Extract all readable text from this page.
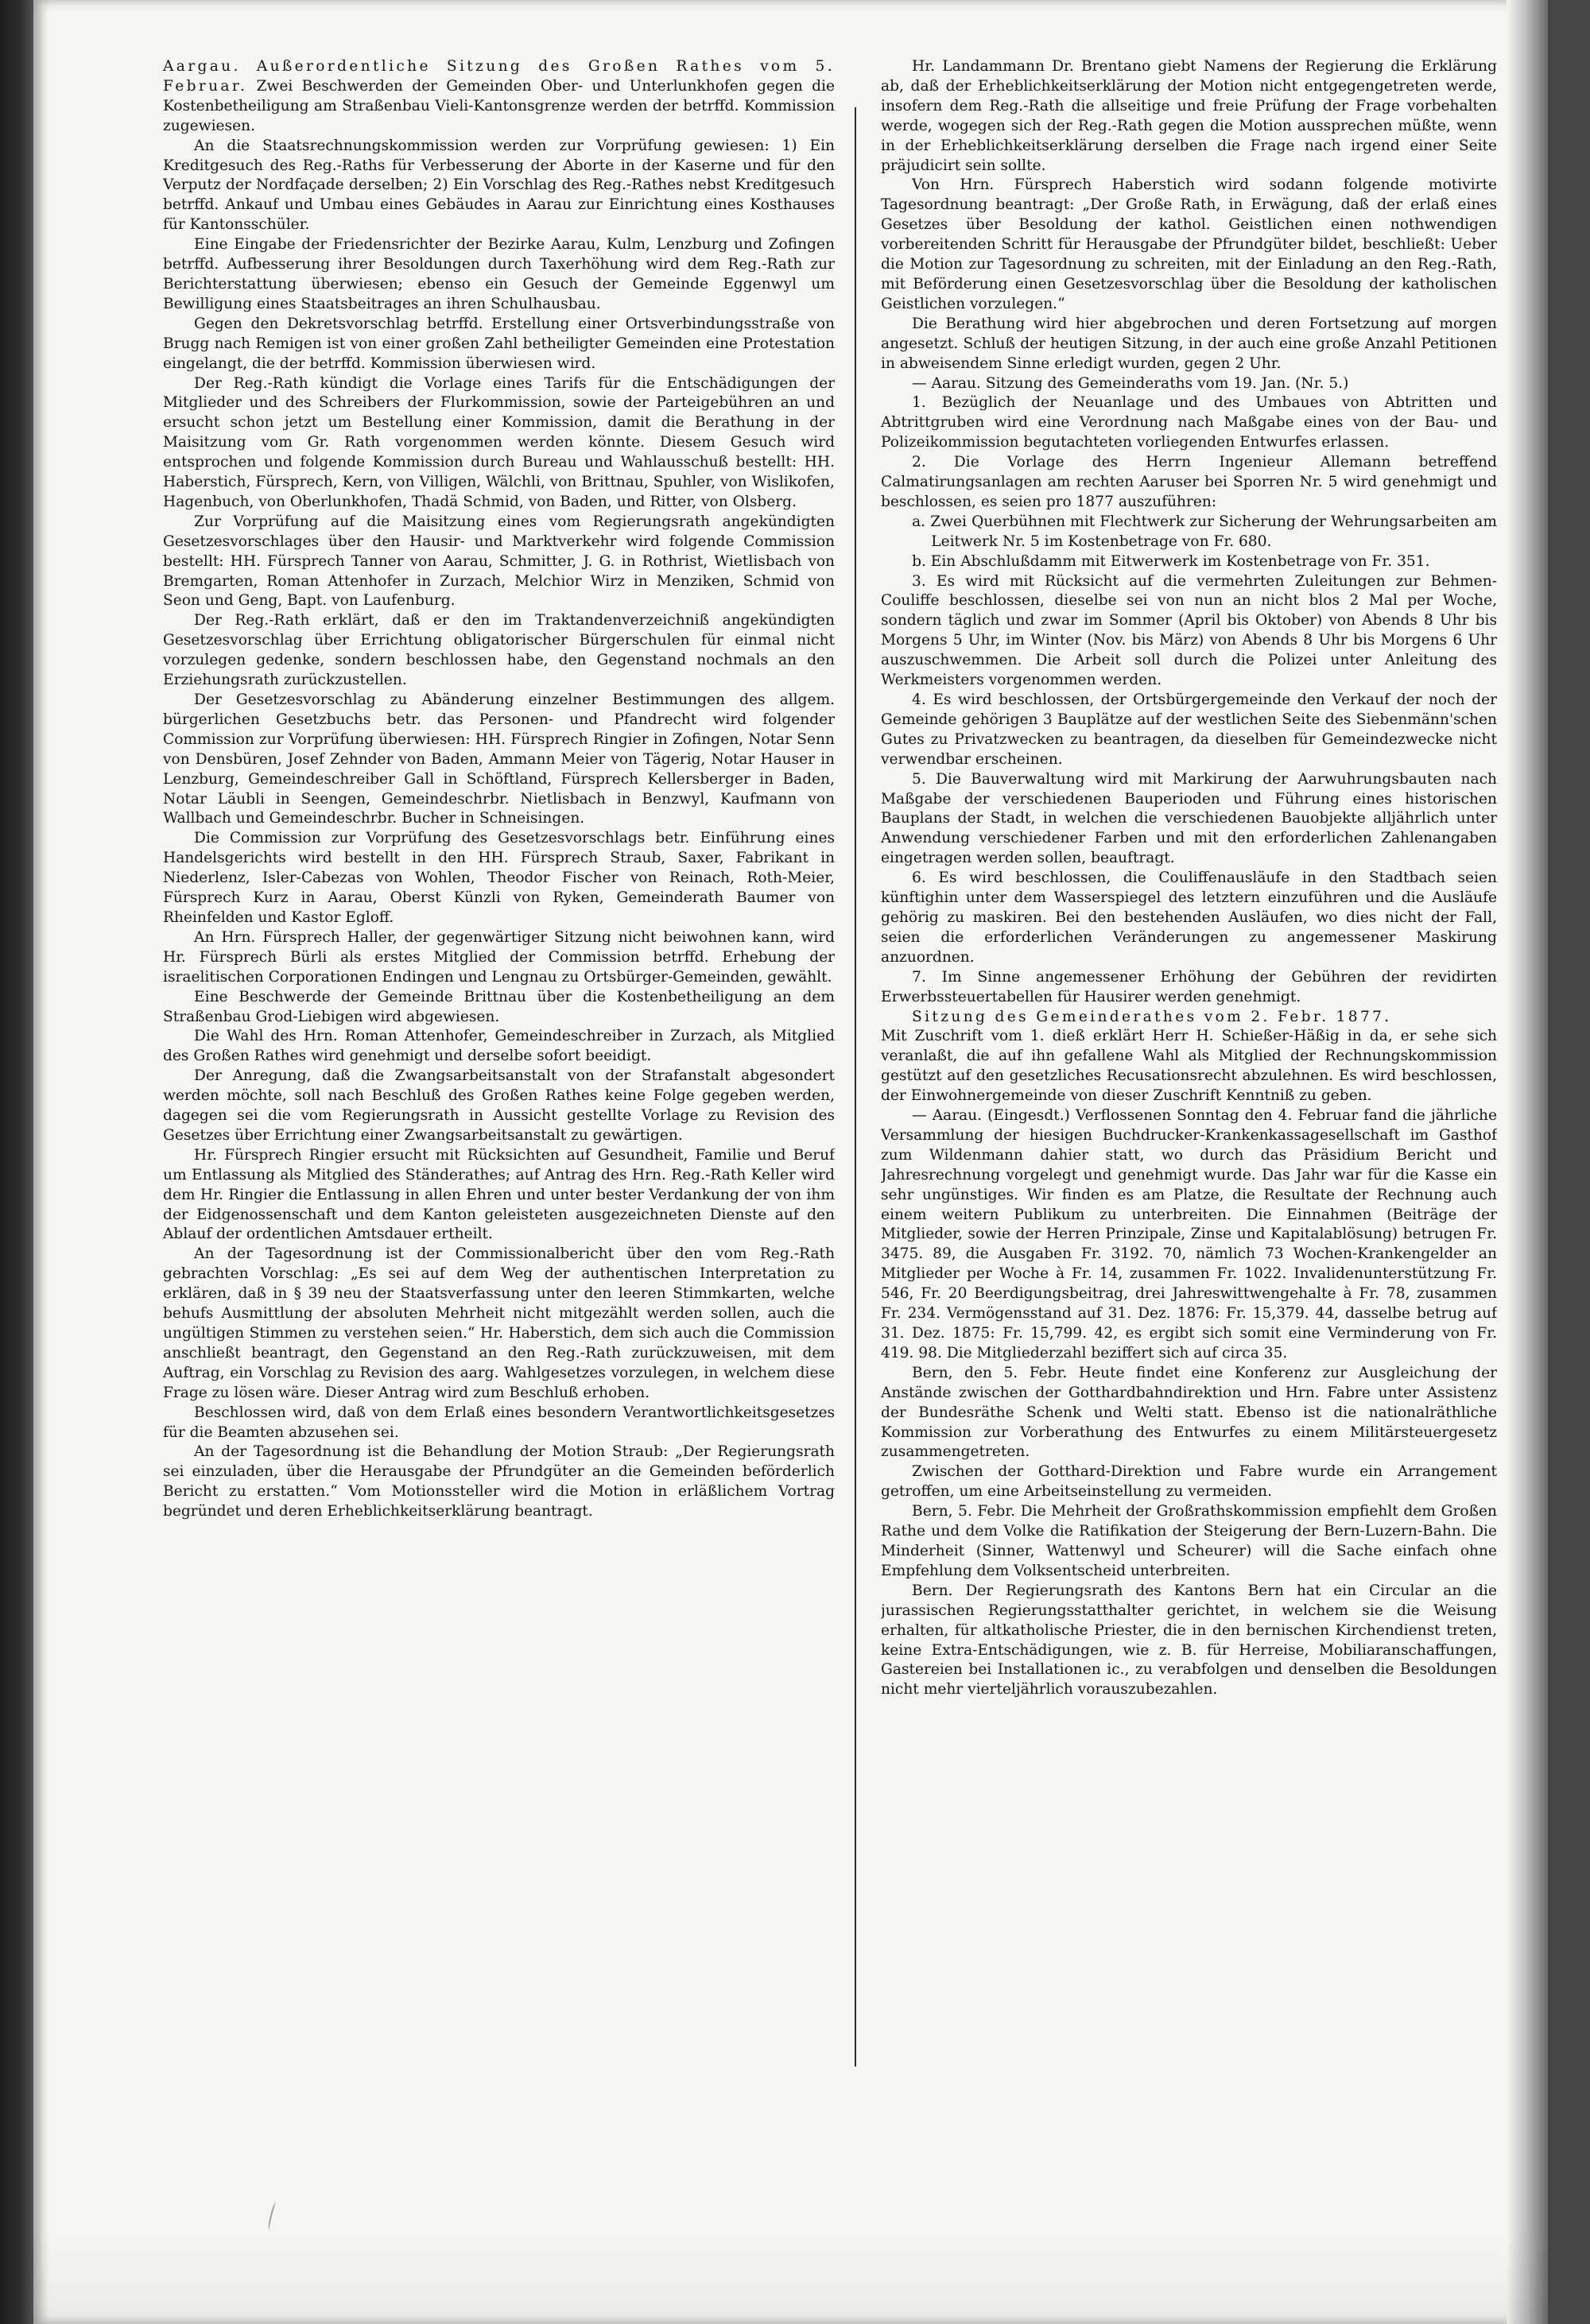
Aargau. Außerordentliche Sitzung des Großen Rathes vom 5. Februar. Zwei Beschwerden der Gemeinden Ober- und Unterlunkhofen gegen die Kostenbetheiligung am Straßenbau Vieli-Kantonsgrenze werden der betrffd. Kommission zugewiesen.

An die Staatsrechnungskommission werden zur Vorprüfung gewiesen: 1) Ein Kreditgesuch des Reg.-Raths für Verbesserung der Aborte in der Kaserne und für den Verputz der Nordfaçade derselben; 2) Ein Vorschlag des Reg.-Rathes nebst Kreditgesuch betrffd. Ankauf und Umbau eines Gebäudes in Aarau zur Einrichtung eines Kosthauses für Kantonsschüler.

Eine Eingabe der Friedensrichter der Bezirke Aarau, Kulm, Lenzburg und Zofingen betrffd. Aufbesserung ihrer Besoldungen durch Taxerhöhung wird dem Reg.-Rath zur Berichterstattung überwiesen; ebenso ein Gesuch der Gemeinde Eggenwyl um Bewilligung eines Staatsbeitrages an ihren Schulhausbau.

Gegen den Dekretsvorschlag betrffd. Erstellung einer Ortsverbindungsstraße von Brugg nach Remigen ist von einer großen Zahl betheiligter Gemeinden eine Protestation eingelangt, die der betrffd. Kommission überwiesen wird.

Der Reg.-Rath kündigt die Vorlage eines Tarifs für die Entschädigungen der Mitglieder und des Schreibers der Flurkommission, sowie der Parteigebühren an und ersucht schon jetzt um Bestellung einer Kommission, damit die Berathung in der Maisitzung vom Gr. Rath vorgenommen werden könnte. Diesem Gesuch wird entsprochen und folgende Kommission durch Bureau und Wahlausschuß bestellt: HH. Haberstich, Fürsprech, Kern, von Villigen, Wälchli, von Brittnau, Spuhler, von Wislikofen, Hagenbuch, von Oberlunkhofen, Thadä Schmid, von Baden, und Ritter, von Olsberg.

Zur Vorprüfung auf die Maisitzung eines vom Regierungsrath angekündigten Gesetzesvorschlages über den Hausir- und Marktverkehr wird folgende Commission bestellt: HH. Fürsprech Tanner von Aarau, Schmitter, J. G. in Rothrist, Wietlisbach von Bremgarten, Roman Attenhofer in Zurzach, Melchior Wirz in Menziken, Schmid von Seon und Geng, Bapt. von Laufenburg.

Der Reg.-Rath erklärt, daß er den im Traktandenverzeichniß angekündigten Gesetzesvorschlag über Errichtung obligatorischer Bürgerschulen für einmal nicht vorzulegen gedenke, sondern beschlossen habe, den Gegenstand nochmals an den Erziehungsrath zurückzustellen.

Der Gesetzesvorschlag zu Abänderung einzelner Bestimmungen des allgem. bürgerlichen Gesetzbuchs betr. das Personen- und Pfandrecht wird folgender Commission zur Vorprüfung überwiesen: HH. Fürsprech Ringier in Zofingen, Notar Senn von Densbüren, Josef Zehnder von Baden, Ammann Meier von Tägerig, Notar Hauser in Lenzburg, Gemeindeschreiber Gall in Schöftland, Fürsprech Kellersberger in Baden, Notar Läubli in Seengen, Gemeindeschrbr. Nietlisbach in Benzwyl, Kaufmann von Wallbach und Gemeindeschrbr. Bucher in Schneisingen.

Die Commission zur Vorprüfung des Gesetzesvorschlags betr. Einführung eines Handelsgerichts wird bestellt in den HH. Fürsprech Straub, Saxer, Fabrikant in Niederlenz, Isler-Cabezas von Wohlen, Theodor Fischer von Reinach, Roth-Meier, Fürsprech Kurz in Aarau, Oberst Künzli von Ryken, Gemeinderath Baumer von Rheinfelden und Kastor Egloff.

An Hrn. Fürsprech Haller, der gegenwärtiger Sitzung nicht beiwohnen kann, wird Hr. Fürsprech Bürli als erstes Mitglied der Commission betrffd. Erhebung der israelitischen Corporationen Endingen und Lengnau zu Ortsbürger-Gemeinden, gewählt.

Eine Beschwerde der Gemeinde Brittnau über die Kostenbetheiligung an dem Straßenbau Grod-Liebigen wird abgewiesen.

Die Wahl des Hrn. Roman Attenhofer, Gemeindeschreiber in Zurzach, als Mitglied des Großen Rathes wird genehmigt und derselbe sofort beeidigt.

Der Anregung, daß die Zwangsarbeitsanstalt von der Strafanstalt abgesondert werden möchte, soll nach Beschluß des Großen Rathes keine Folge gegeben werden, dagegen sei die vom Regierungsrath in Aussicht gestellte Vorlage zu Revision des Gesetzes über Errichtung einer Zwangsarbeitsanstalt zu gewärtigen.

Hr. Fürsprech Ringier ersucht mit Rücksichten auf Gesundheit, Familie und Beruf um Entlassung als Mitglied des Ständerathes; auf Antrag des Hrn. Reg.-Rath Keller wird dem Hr. Ringier die Entlassung in allen Ehren und unter bester Verdankung der von ihm der Eidgenossenschaft und dem Kanton geleisteten ausgezeichneten Dienste auf den Ablauf der ordentlichen Amtsdauer ertheilt.

An der Tagesordnung ist der Commissionalbericht über den vom Reg.-Rath gebrachten Vorschlag: „Es sei auf dem Weg der authentischen Interpretation zu erklären, daß in § 39 neu der Staatsverfassung unter den leeren Stimmkarten, welche behufs Ausmittlung der absoluten Mehrheit nicht mitgezählt werden sollen, auch die ungültigen Stimmen zu verstehen seien.“ Hr. Haberstich, dem sich auch die Commission anschließt beantragt, den Gegenstand an den Reg.-Rath zurückzuweisen, mit dem Auftrag, ein Vorschlag zu Revision des aarg. Wahlgesetzes vorzulegen, in welchem diese Frage zu lösen wäre. Dieser Antrag wird zum Beschluß erhoben.

Beschlossen wird, daß von dem Erlaß eines besondern Verantwortlichkeitsgesetzes für die Beamten abzusehen sei.

An der Tagesordnung ist die Behandlung der Motion Straub: „Der Regierungsrath sei einzuladen, über die Herausgabe der Pfrundgüter an die Gemeinden beförderlich Bericht zu erstatten.“ Vom Motionssteller wird die Motion in erläßlichem Vortrag begründet und deren Erheblichkeitserklärung beantragt.

Hr. Landammann Dr. Brentano giebt Namens der Regierung die Erklärung ab, daß der Erheblichkeitserklärung der Motion nicht entgegengetreten werde, insofern dem Reg.-Rath die allseitige und freie Prüfung der Frage vorbehalten werde, wogegen sich der Reg.-Rath gegen die Motion aussprechen müßte, wenn in der Erheblichkeitserklärung derselben die Frage nach irgend einer Seite präjudicirt sein sollte.

Von Hrn. Fürsprech Haberstich wird sodann folgende motivirte Tagesordnung beantragt: „Der Große Rath, in Erwägung, daß der erlaß eines Gesetzes über Besoldung der kathol. Geistlichen einen nothwendigen vorbereitenden Schritt für Herausgabe der Pfrundgüter bildet, beschließt: Ueber die Motion zur Tagesordnung zu schreiten, mit der Einladung an den Reg.-Rath, mit Beförderung einen Gesetzesvorschlag über die Besoldung der katholischen Geistlichen vorzulegen.“

Die Berathung wird hier abgebrochen und deren Fortsetzung auf morgen angesetzt. Schluß der heutigen Sitzung, in der auch eine große Anzahl Petitionen in abweisendem Sinne erledigt wurden, gegen 2 Uhr.

— Aarau. Sitzung des Gemeinderaths vom 19. Jan. (Nr. 5.)

1. Bezüglich der Neuanlage und des Umbaues von Abtritten und Abtrittgruben wird eine Verordnung nach Maßgabe eines von der Bau- und Polizeikommission begutachteten vorliegenden Entwurfes erlassen.

2. Die Vorlage des Herrn Ingenieur Allemann betreffend Calmatirungsanlagen am rechten Aaruser bei Sporren Nr. 5 wird genehmigt und beschlossen, es seien pro 1877 auszuführen:

a. Zwei Querbühnen mit Flechtwerk zur Sicherung der Wehrungsarbeiten am Leitwerk Nr. 5 im Kostenbetrage von Fr. 680.

b. Ein Abschlußdamm mit Eitwerwerk im Kostenbetrage von Fr. 351.

3. Es wird mit Rücksicht auf die vermehrten Zuleitungen zur Behmen-Couliffe beschlossen, dieselbe sei von nun an nicht blos 2 Mal per Woche, sondern täglich und zwar im Sommer (April bis Oktober) von Abends 8 Uhr bis Morgens 5 Uhr, im Winter (Nov. bis März) von Abends 8 Uhr bis Morgens 6 Uhr auszuschwemmen. Die Arbeit soll durch die Polizei unter Anleitung des Werkmeisters vorgenommen werden.

4. Es wird beschlossen, der Ortsbürgergemeinde den Verkauf der noch der Gemeinde gehörigen 3 Bauplätze auf der westlichen Seite des Siebenmänn'schen Gutes zu Privatzwecken zu beantragen, da dieselben für Gemeindezwecke nicht verwendbar erscheinen.

5. Die Bauverwaltung wird mit Markirung der Aarwuhrungsbauten nach Maßgabe der verschiedenen Bauperioden und Führung eines historischen Bauplans der Stadt, in welchen die verschiedenen Bauobjekte alljährlich unter Anwendung verschiedener Farben und mit den erforderlichen Zahlenangaben eingetragen werden sollen, beauftragt.

6. Es wird beschlossen, die Couliffenausläufe in den Stadtbach seien künftighin unter dem Wasserspiegel des letztern einzuführen und die Ausläufe gehörig zu maskiren. Bei den bestehenden Ausläufen, wo dies nicht der Fall, seien die erforderlichen Veränderungen zu angemessener Maskirung anzuordnen.

7. Im Sinne angemessener Erhöhung der Gebühren der revidirten Erwerbssteuertabellen für Hausirer werden genehmigt.

Sitzung des Gemeinderathes vom 2. Febr. 1877.

Mit Zuschrift vom 1. dieß erklärt Herr H. Schießer-Häßig in da, er sehe sich veranlaßt, die auf ihn gefallene Wahl als Mitglied der Rechnungskommission gestützt auf den gesetzliches Recusationsrecht abzulehnen. Es wird beschlossen, der Einwohnergemeinde von dieser Zuschrift Kenntniß zu geben.

— Aarau. (Eingesdt.) Verflossenen Sonntag den 4. Februar fand die jährliche Versammlung der hiesigen Buchdrucker-Krankenkassagesellschaft im Gasthof zum Wildenmann dahier statt, wo durch das Präsidium Bericht und Jahresrechnung vorgelegt und genehmigt wurde. Das Jahr war für die Kasse ein sehr ungünstiges. Wir finden es am Platze, die Resultate der Rechnung auch einem weitern Publikum zu unterbreiten. Die Einnahmen (Beiträge der Mitglieder, sowie der Herren Prinzipale, Zinse und Kapitalablösung) betrugen Fr. 3475. 89, die Ausgaben Fr. 3192. 70, nämlich 73 Wochen-Krankengelder an Mitglieder per Woche à Fr. 14, zusammen Fr. 1022. Invalidenunterstützung Fr. 546, Fr. 20 Beerdigungsbeitrag, drei Jahreswittwengehalte à Fr. 78, zusammen Fr. 234. Vermögensstand auf 31. Dez. 1876: Fr. 15,379. 44, dasselbe betrug auf 31. Dez. 1875: Fr. 15,799. 42, es ergibt sich somit eine Verminderung von Fr. 419. 98. Die Mitgliederzahl beziffert sich auf circa 35.

Bern, den 5. Febr. Heute findet eine Konferenz zur Ausgleichung der Anstände zwischen der Gotthardbahndirektion und Hrn. Fabre unter Assistenz der Bundesräthe Schenk und Welti statt. Ebenso ist die nationalräthliche Kommission zur Vorberathung des Entwurfes zu einem Militärsteuergesetz zusammengetreten.

Zwischen der Gotthard-Direktion und Fabre wurde ein Arrangement getroffen, um eine Arbeitseinstellung zu vermeiden.

Bern, 5. Febr. Die Mehrheit der Großrathskommission empfiehlt dem Großen Rathe und dem Volke die Ratifikation der Steigerung der Bern-Luzern-Bahn. Die Minderheit (Sinner, Wattenwyl und Scheurer) will die Sache einfach ohne Empfehlung dem Volksentscheid unterbreiten.

Bern. Der Regierungsrath des Kantons Bern hat ein Circular an die jurassischen Regierungsstatthalter gerichtet, in welchem sie die Weisung erhalten, für altkatholische Priester, die in den bernischen Kirchendienst treten, keine Extra-Entschädigungen, wie z. B. für Herreise, Mobiliaranschaffungen, Gastereien bei Installationen ic., zu verabfolgen und denselben die Besoldungen nicht mehr vierteljährlich vorauszubezahlen.
